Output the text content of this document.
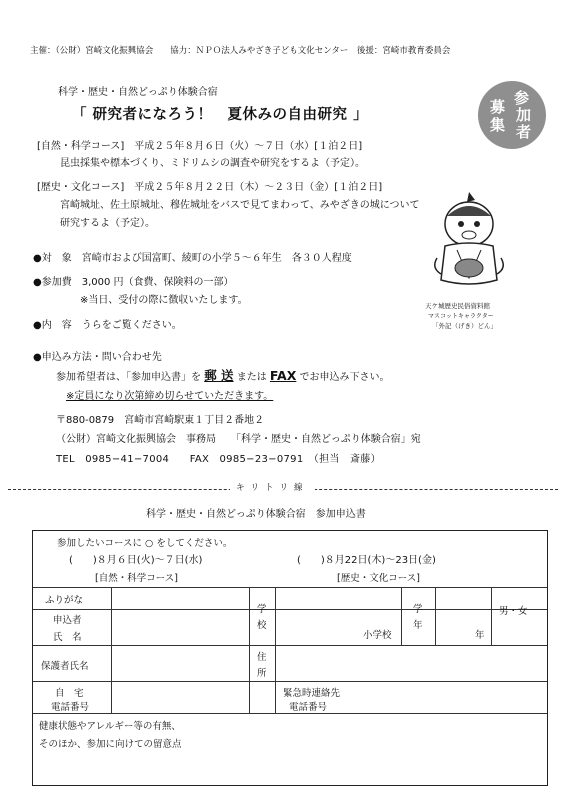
主催：（公財）宮崎文化振興協会　　協力：ＮＰＯ法人みやざき子ども文化センター　後援：宮崎市教育委員会
科学・歴史・自然どっぷり体験合宿
「 研究者になろう！　夏休みの自由研究 」
参
加
募
集 者
[自然・科学コース]　平成２５年８月６日（火）〜７日（水）[１泊２日]
昆虫採集や標本づくり、ミドリムシの調査や研究をするよ（予定）。
[歴史・文化コース]　平成２５年８月２２日（木）〜２３日（金）[１泊２日]
宮崎城址、佐土原城址、穆佐城址をバスで見てまわって、みやざきの城について
研究するよ（予定）。
天ケ城歴史民俗資料館
マスコットキャラクター
「外記（げき）どん」
●対　象　宮崎市および国富町、綾町の小学５〜６年生　各３０人程度
●参加費　3,000 円（食費、保険料の一部）
※当日、受付の際に徴収いたします。
●内　容　うらをご覧ください。
●申込み方法・問い合わせ先
参加希望者は、「参加申込書」を 郵 送 または FAX でお申込み下さい。
※定員になり次第締め切らせていただきます。
〒880-0879　宮崎市宮崎駅東１丁目２番地２
（公財）宮崎文化振興協会　事務局　　「科学・歴史・自然どっぷり体験合宿」宛
TEL　0985−41−7004　　FAX　0985−23−0791　（担当　斎藤）
キリトリ線
科学・歴史・自然どっぷり体験合宿　参加申込書
参加したいコースに ○ をしてください。
(　　)８月６日(火)〜７日(水)	(　　)８月22日(木)〜23日(金)
[自然・科学コース]	[歴史・文化コース]
ふりがな
申込者
氏　名
学
校
小学校
学
年
年
男・女
保護者氏名
住
所
自　宅
電話番号
緊急時連絡先
電話番号
健康状態やアレルギー等の有無、
そのほか、参加に向けての留意点
